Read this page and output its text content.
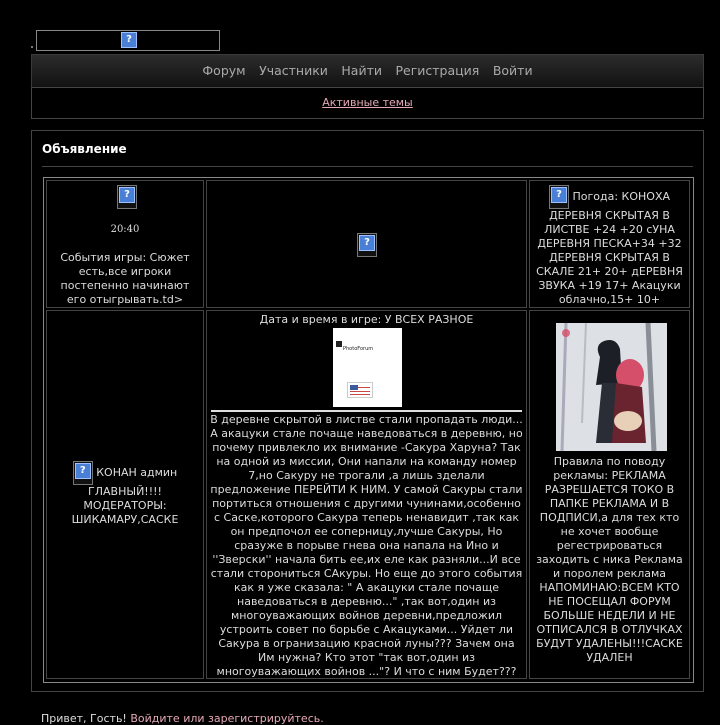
?
Форум Участники Найти Регистрация Войти
Активные темы
Объявление
?
20:40
События игры: Сюжет есть,все игроки постепенно начинают его отыгрывать.td>
?
? Погода: КОНОХА ДЕРЕВНЯ СКРЫТАЯ В ЛИСТВЕ +24 +20 сУНА ДЕРЕВНЯ ПЕСКА+34 +32 ДЕРЕВНЯ СКРЫТАЯ В СКАЛЕ 21+ 20+ дЕРЕВНЯ ЗВУКА +19 17+ Акацуки облачно,15+ 10+
? КОНАН админ ГЛАВНЫЙ!!!! МОДЕРАТОРЫ: ШИКАМАРУ,САСКЕ
Дата и время в игре: У ВСЕХ РАЗНОЕ
PhotoForum
В деревне скрытой в листве стали пропадать люди... А акацуки стале почаще наведоваться в деревню, но почему привлекло их внимание -Сакура Харуна? Так на одной из миссии, Они напали на команду номер 7,но Сакуру не трогали ,а лишь зделали предложение ПЕРЕЙТИ К НИМ. У самой Сакуры стали портиться отношения с другими чунинами,особенно с Саске,которого Сакура теперь ненавидит ,так как он предпочол ее соперницу,лучше Сакуры, Но сразуже в порыве гнева она напала на Ино и ''Зверски'' начала бить ее,их еле как разняли...И все стали сторониться САкуры. Но еще до этого события как я уже сказала: " А акацуки стале почаще наведоваться в деревню..." ,так вот,один из многоуважающих войнов деревни,предложил устроить совет по борьбе с Акацуками... Уйдет ли Сакура в огранизацию красной луны??? Зачем она Им нужна? Кто этот "так вот,один из многоуважающих войнов ..."? И что с ним Будет???
Правила по поводу рекламы: РЕКЛАМА РАЗРЕШАЕТСЯ ТОКО В ПАПКЕ РЕКЛАМА И В ПОДПИСИ,а для тех кто не хочет вообще регестрироваться заходить с ника Реклама и поролем реклама НАПОМИНАЮ:ВСЕМ КТО НЕ ПОСЕЩАЛ ФОРУМ БОЛЬШЕ НЕДЕЛИ И НЕ ОТПИСАЛСЯ В ОТЛУЧКАХ БУДУТ УДАЛЕНЫ!!!САСКЕ УДАЛЕН
Привет, Гость! Войдите или зарегистрируйтесь.
